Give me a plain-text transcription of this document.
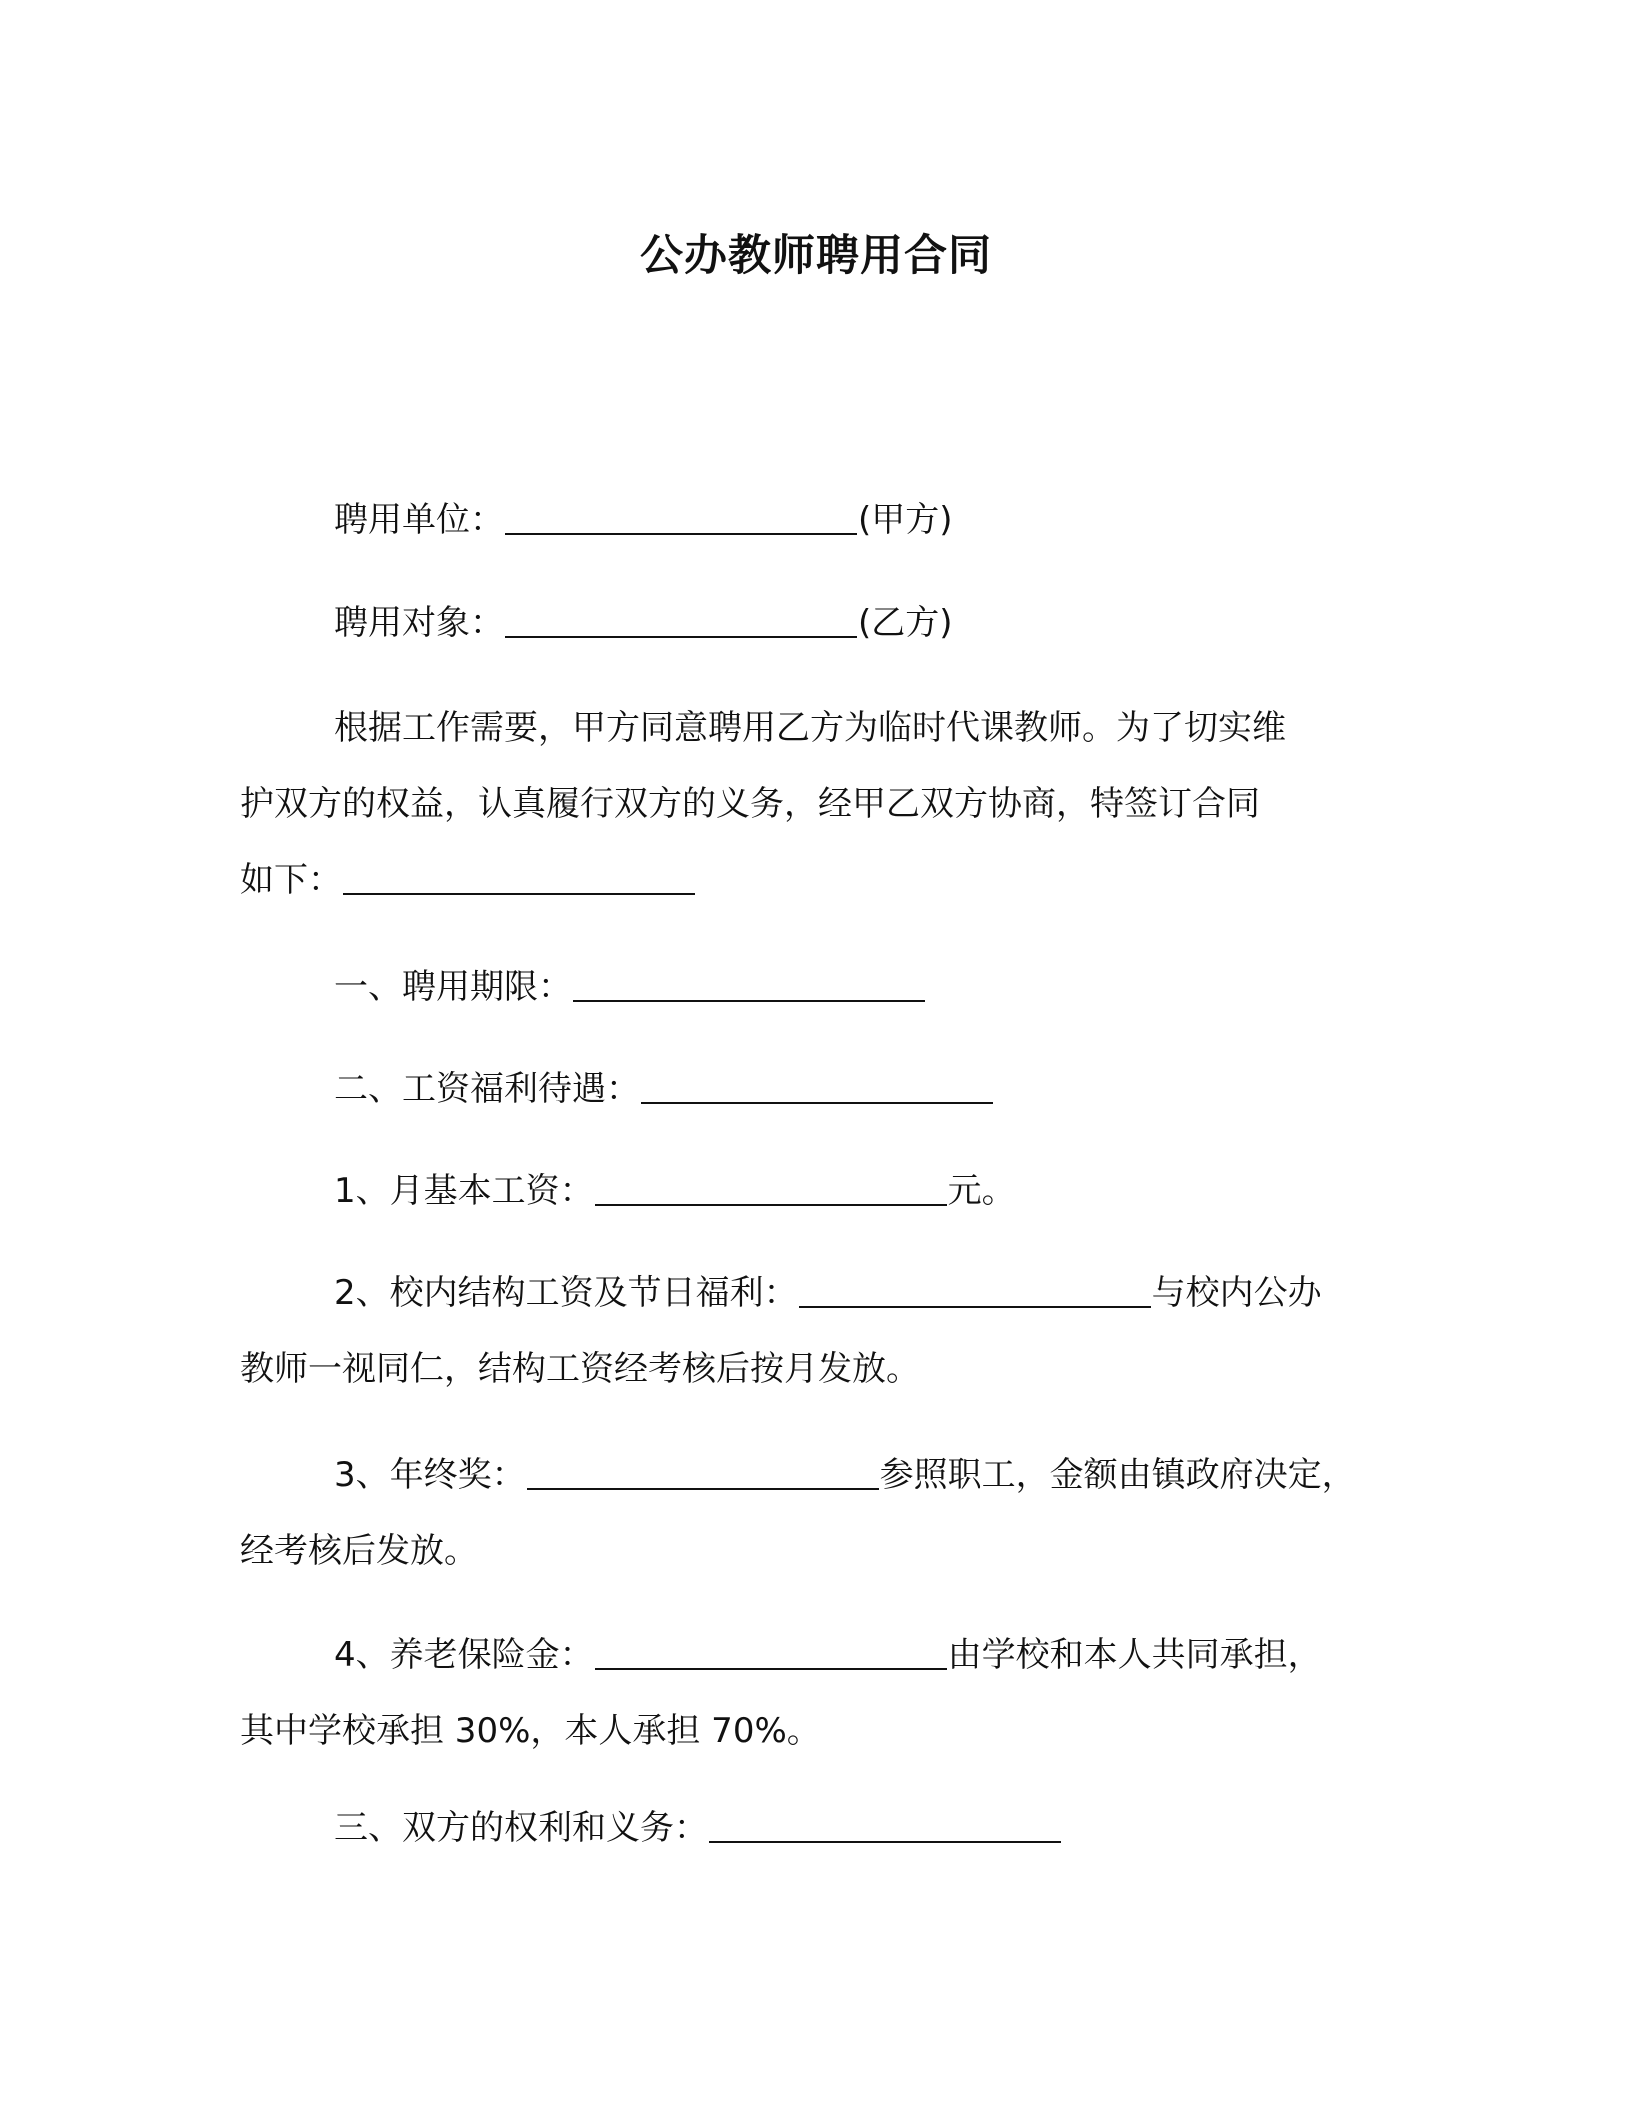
公办教师聘用合同
聘用单位：	(甲方)
聘用对象：	(乙方)

根据工作需要，甲方同意聘用乙方为临时代课教师。为了切实维

护双方的权益，认真履行双方的义务，经甲乙双方协商，特签订合同

如下：

一、聘用期限：
二、工资福利待遇：
1、月基本工资：	元。

2、校内结构工资及节日福利：	与校内公办

教师一视同仁，结构工资经考核后按月发放。

3、年终奖：	参照职工，金额由镇政府决定，

经考核后发放。

4、养老保险金：	由学校和本人共同承担，

其中学校承担 30%，本人承担 70%。

三、双方的权利和义务：
